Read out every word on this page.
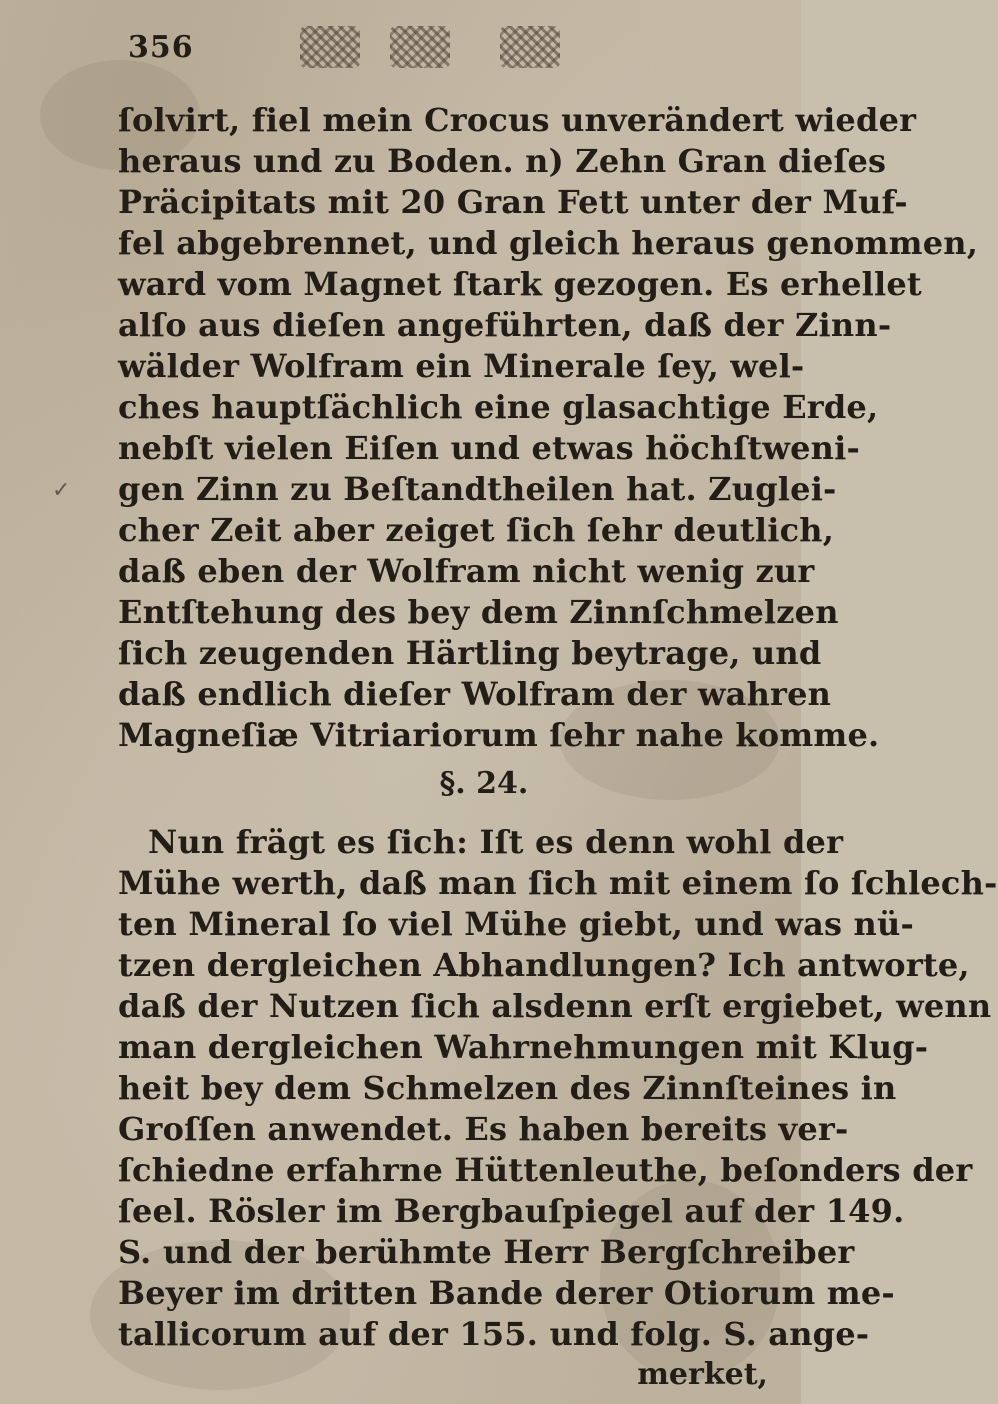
356
✓
ſolvirt, fiel mein Crocus unverändert wieder
heraus und zu Boden. n) Zehn Gran dieſes
Präcipitats mit 20 Gran Fett unter der Muf-
fel abgebrennet, und gleich heraus genommen,
ward vom Magnet ſtark gezogen. Es erhellet
alſo aus dieſen angeführten, daß der Zinn-
wälder Wolfram ein Minerale ſey, wel-
ches hauptſächlich eine glasachtige Erde,
nebſt vielen Eiſen und etwas höchſtweni-
gen Zinn zu Beſtandtheilen hat. Zuglei-
cher Zeit aber zeiget ſich ſehr deutlich,
daß eben der Wolfram nicht wenig zur
Entſtehung des bey dem Zinnſchmelzen
ſich zeugenden Härtling beytrage, und
daß endlich dieſer Wolfram der wahren
Magneſiæ Vitriariorum ſehr nahe komme.
§. 24.
Nun frägt es ſich: Iſt es denn wohl der
Mühe werth, daß man ſich mit einem ſo ſchlech-
ten Mineral ſo viel Mühe giebt, und was nü-
tzen dergleichen Abhandlungen? Ich antworte,
daß der Nutzen ſich alsdenn erſt ergiebet, wenn
man dergleichen Wahrnehmungen mit Klug-
heit bey dem Schmelzen des Zinnſteines in
Groſſen anwendet. Es haben bereits ver-
ſchiedne erfahrne Hüttenleuthe, beſonders der
ſeel. Rösler im Bergbauſpiegel auf der 149.
S. und der berühmte Herr Bergſchreiber
Beyer im dritten Bande derer Otiorum me-
tallicorum auf der 155. und folg. S. ange-
merket,
